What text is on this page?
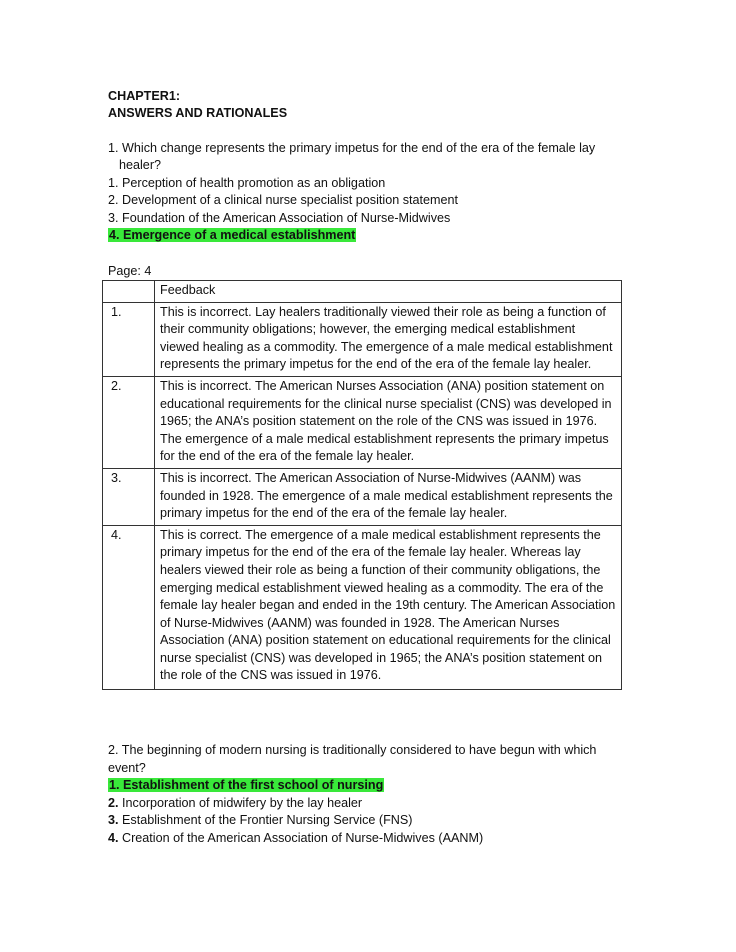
CHAPTER1:
ANSWERS AND RATIONALES
1. Which change represents the primary impetus for the end of the era of the female lay
healer?
1. Perception of health promotion as an obligation
2. Development of a clinical nurse specialist position statement
3. Foundation of the American Association of Nurse-Midwives
4. Emergence of a medical establishment
Page: 4
	Feedback
1.	This is incorrect. Lay healers traditionally viewed their role as being a function of their community obligations; however, the emerging medical establishment viewed healing as a commodity. The emergence of a male medical establishment represents the primary impetus for the end of the era of the female lay healer.
2.	This is incorrect. The American Nurses Association (ANA) position statement on educational requirements for the clinical nurse specialist (CNS) was developed in 1965; the ANA’s position statement on the role of the CNS was issued in 1976. The emergence of a male medical establishment represents the primary impetus for the end of the era of the female lay healer.
3.	This is incorrect. The American Association of Nurse-Midwives (AANM) was founded in 1928. The emergence of a male medical establishment represents the primary impetus for the end of the era of the female lay healer.
4.	This is correct. The emergence of a male medical establishment represents the primary impetus for the end of the era of the female lay healer. Whereas lay healers viewed their role as being a function of their community obligations, the emerging medical establishment viewed healing as a commodity. The era of the female lay healer began and ended in the 19th century. The American Association of Nurse-Midwives (AANM) was founded in 1928. The American Nurses Association (ANA) position statement on educational requirements for the clinical nurse specialist (CNS) was developed in 1965; the ANA’s position statement on the role of the CNS was issued in 1976.
2. The beginning of modern nursing is traditionally considered to have begun with which
event?
1. Establishment of the first school of nursing
2. Incorporation of midwifery by the lay healer
3. Establishment of the Frontier Nursing Service (FNS)
4. Creation of the American Association of Nurse-Midwives (AANM)
